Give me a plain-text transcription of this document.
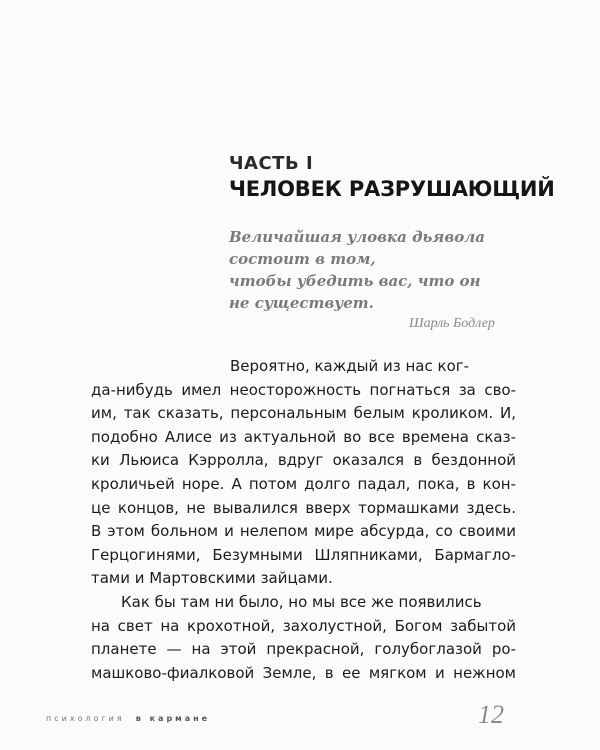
ЧАСТЬ I
ЧЕЛОВЕК РАЗРУШАЮЩИЙ
Величайшая уловка дьявола
состоит в том,
чтобы убедить вас, что он
не существует.
Шарль Бодлер
Вероятно, каждый из нас ког-
да-нибудь имел неосторожность погнаться за сво-
им, так сказать, персональным белым кроликом. И,
подобно Алисе из актуальной во все времена сказ-
ки Льюиса Кэрролла, вдруг оказался в бездонной
кроличьей норе. А потом долго падал, пока, в кон-
це концов, не вывалился вверх тормашками здесь.
В этом больном и нелепом мире абсурда, со своими
Герцогинями, Безумными Шляпниками, Бармагло-
тами и Мартовскими зайцами.
Как бы там ни было, но мы все же появились
на свет на крохотной, захолустной, Богом забытой
планете — на этой прекрасной, голубоглазой ро-
машково-фиалковой Земле, в ее мягком и нежном
психология в кармане	12
